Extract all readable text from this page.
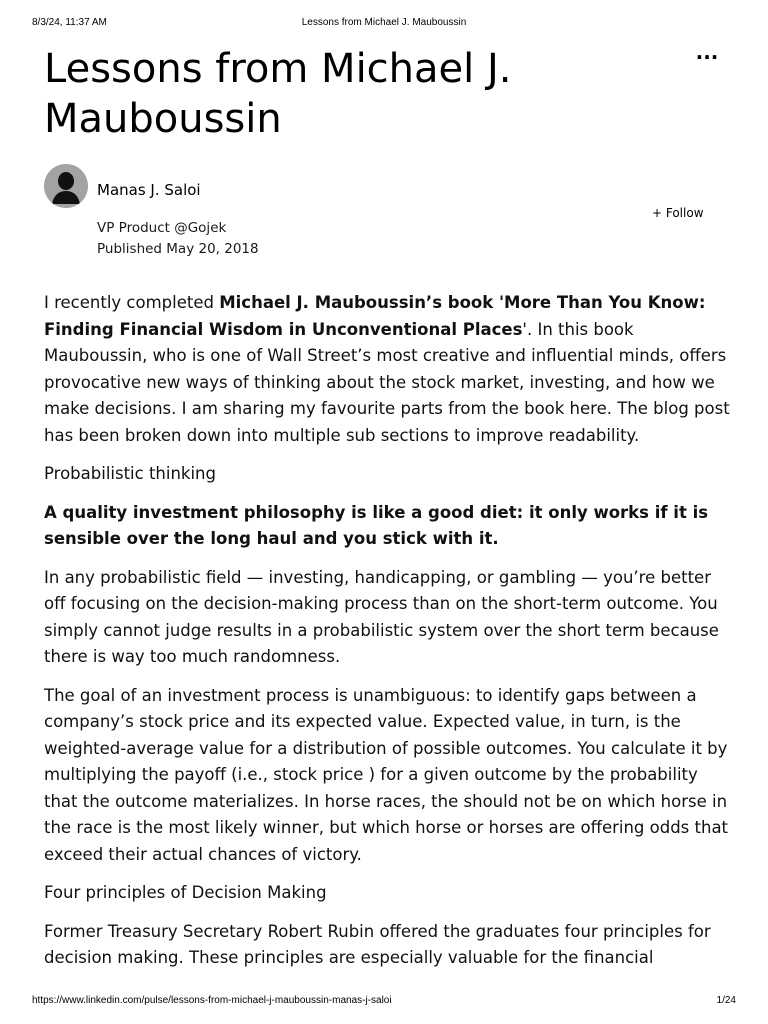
8/3/24, 11:37 AM	Lessons from Michael J. Mauboussin
···
Lessons from Michael J. Mauboussin
Manas J. Saloi
+ Follow
VP Product @Gojek
Published May 20, 2018

I recently completed Michael J. Mauboussin’s book 'More Than You Know: Finding Financial Wisdom in Unconventional Places'. In this book Mauboussin, who is one of Wall Street’s most creative and influential minds, offers provocative new ways of thinking about the stock market, investing, and how we make decisions. I am sharing my favourite parts from the book here. The blog post has been broken down into multiple sub sections to improve readability.

Probabilistic thinking

A quality investment philosophy is like a good diet: it only works if it is sensible over the long haul and you stick with it.

In any probabilistic field — investing, handicapping, or gambling — you’re better off focusing on the decision-making process than on the short-term outcome. You simply cannot judge results in a probabilistic system over the short term because there is way too much randomness.

The goal of an investment process is unambiguous: to identify gaps between a company’s stock price and its expected value. Expected value, in turn, is the weighted-average value for a distribution of possible outcomes. You calculate it by multiplying the payoff (i.e., stock price ) for a given outcome by the probability that the outcome materializes. In horse races, the should not be on which horse in the race is the most likely winner, but which horse or horses are offering odds that exceed their actual chances of victory.

Four principles of Decision Making

Former Treasury Secretary Robert Rubin offered the graduates four principles for decision making. These principles are especially valuable for the financial

https://www.linkedin.com/pulse/lessons-from-michael-j-mauboussin-manas-j-saloi	1/24
